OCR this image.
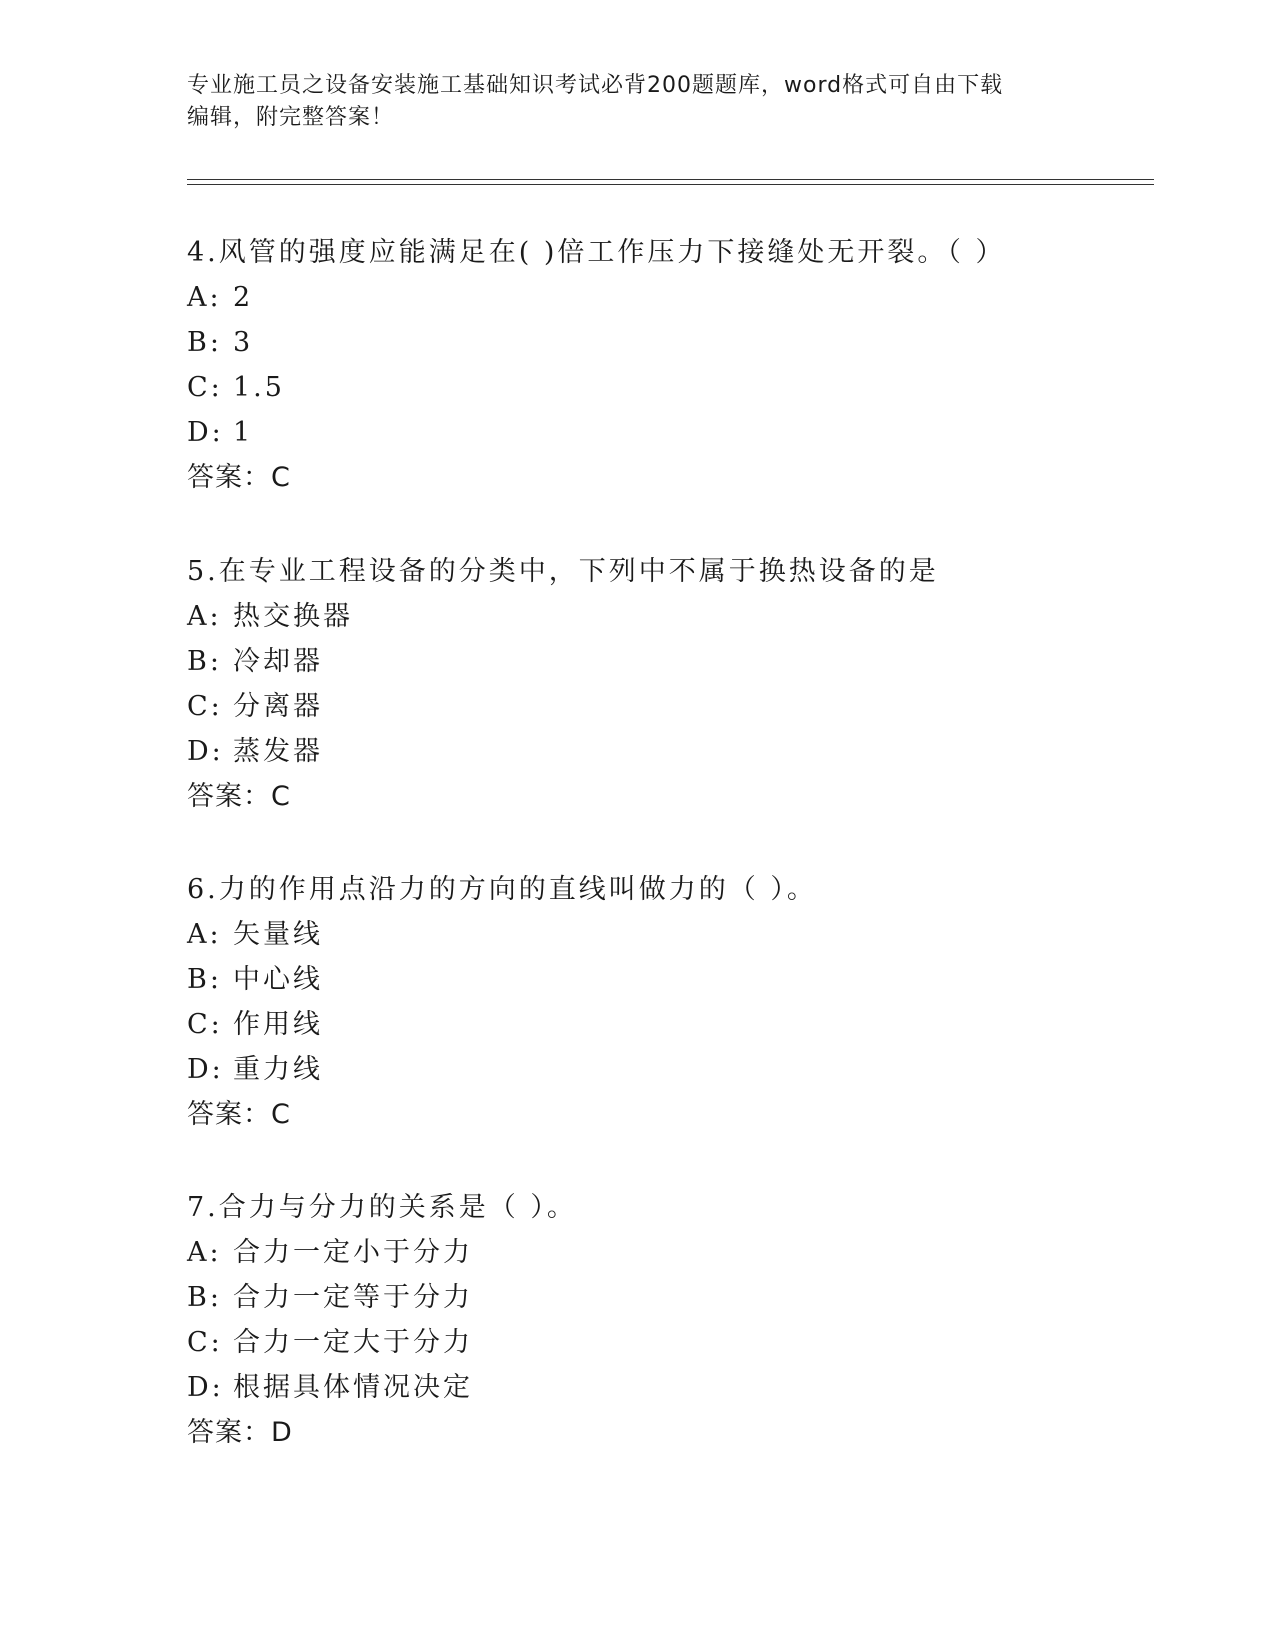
专业施工员之设备安装施工基础知识考试必背200题题库，word格式可自由下载
编辑，附完整答案！
4.风管的强度应能满足在( )倍工作压力下接缝处无开裂。（ ）
A: 2
B: 3
C: 1.5
D: 1
答案：C
5.在专业工程设备的分类中，下列中不属于换热设备的是
A: 热交换器
B: 冷却器
C: 分离器
D: 蒸发器
答案：C
6.力的作用点沿力的方向的直线叫做力的（ ）。
A: 矢量线
B: 中心线
C: 作用线
D: 重力线
答案：C
7.合力与分力的关系是（ ）。
A: 合力一定小于分力
B: 合力一定等于分力
C: 合力一定大于分力
D: 根据具体情况决定
答案：D
